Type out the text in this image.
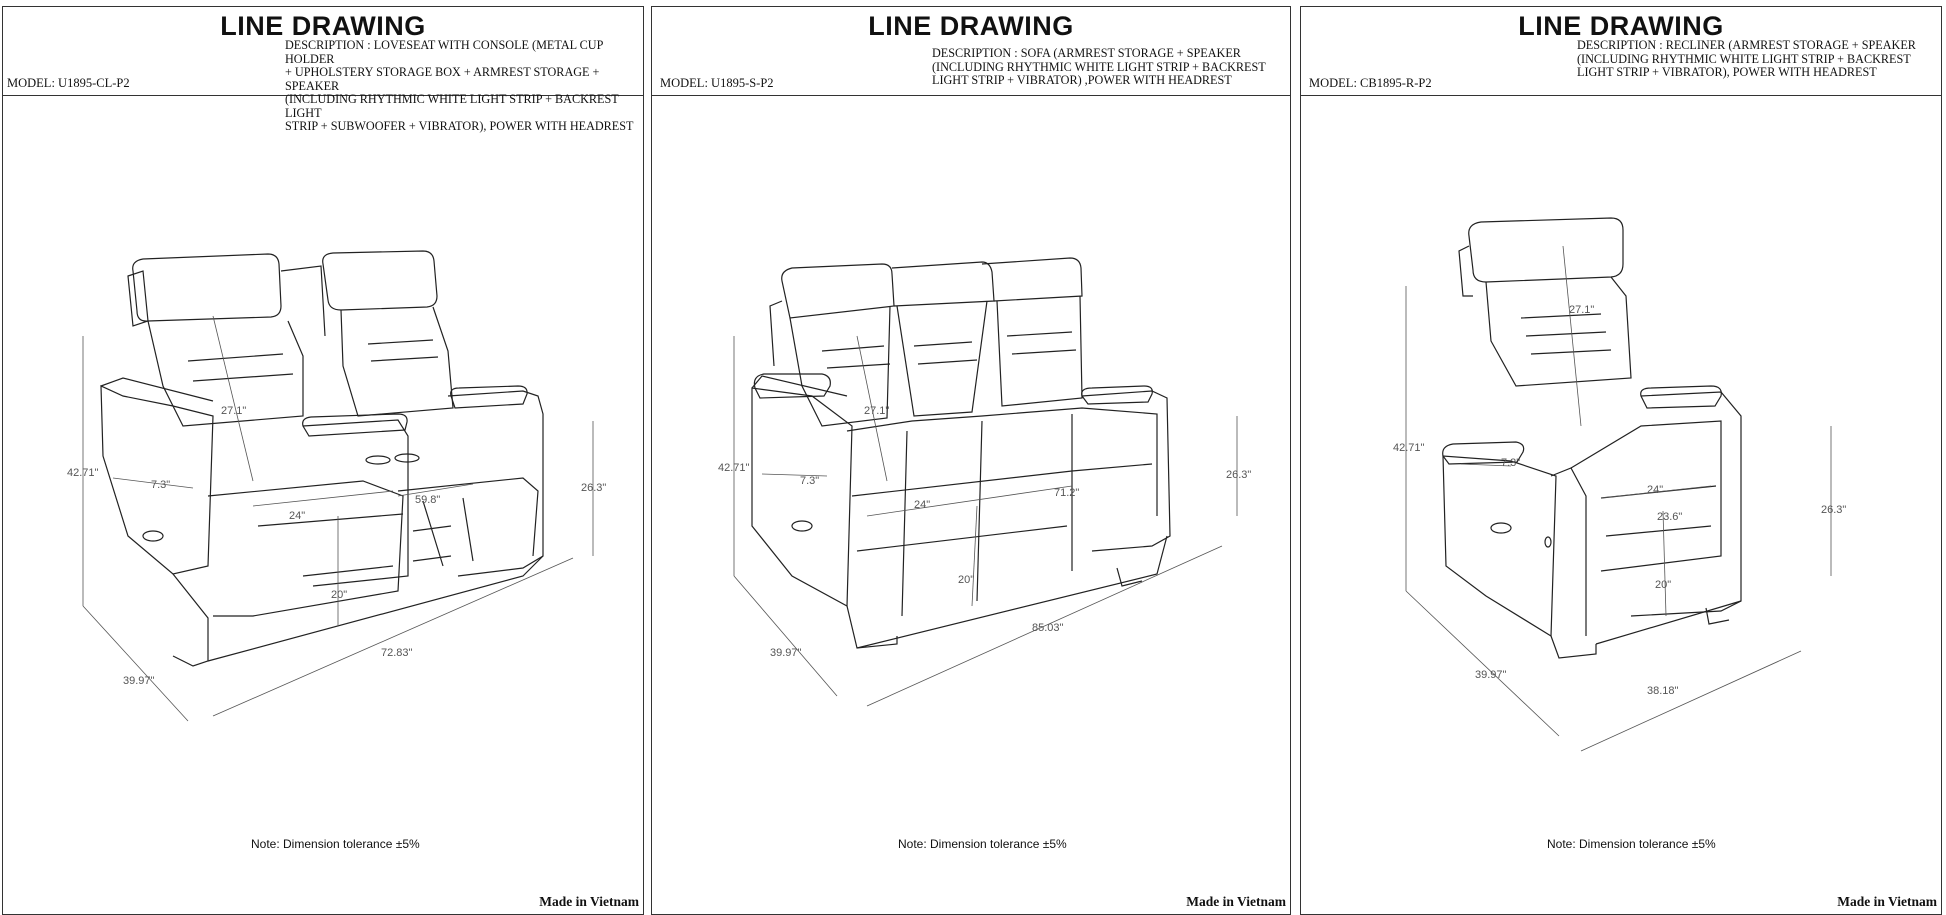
LINE DRAWING
MODEL: U1895-CL-P2
DESCRIPTION : LOVESEAT WITH CONSOLE (METAL CUP HOLDER
+ UPHOLSTERY STORAGE BOX + ARMREST STORAGE + SPEAKER
(INCLUDING RHYTHMIC WHITE LIGHT STRIP + BACKREST LIGHT
STRIP + SUBWOOFER + VIBRATOR), POWER WITH HEADREST
27.1"
7.3"
42.71"
24"
59.8"
26.3"
20"
72.83"
39.97"
Note: Dimension tolerance ±5%
Made in Vietnam
LINE DRAWING
MODEL: U1895-S-P2
DESCRIPTION : SOFA (ARMREST STORAGE + SPEAKER
(INCLUDING RHYTHMIC WHITE LIGHT STRIP + BACKREST
LIGHT STRIP + VIBRATOR) ,POWER WITH HEADREST
27.1"
7.3"
42.71"
24"
71.2"
26.3"
20"
85.03"
39.97"
Note: Dimension tolerance ±5%
Made in Vietnam
LINE DRAWING
MODEL: CB1895-R-P2
DESCRIPTION : RECLINER (ARMREST STORAGE + SPEAKER
(INCLUDING RHYTHMIC WHITE LIGHT STRIP + BACKREST
LIGHT STRIP + VIBRATOR), POWER WITH HEADREST
27.1"
7.3"
42.71"
24"
23.6"
26.3"
20"
38.18"
39.97"
Note: Dimension tolerance ±5%
Made in Vietnam
